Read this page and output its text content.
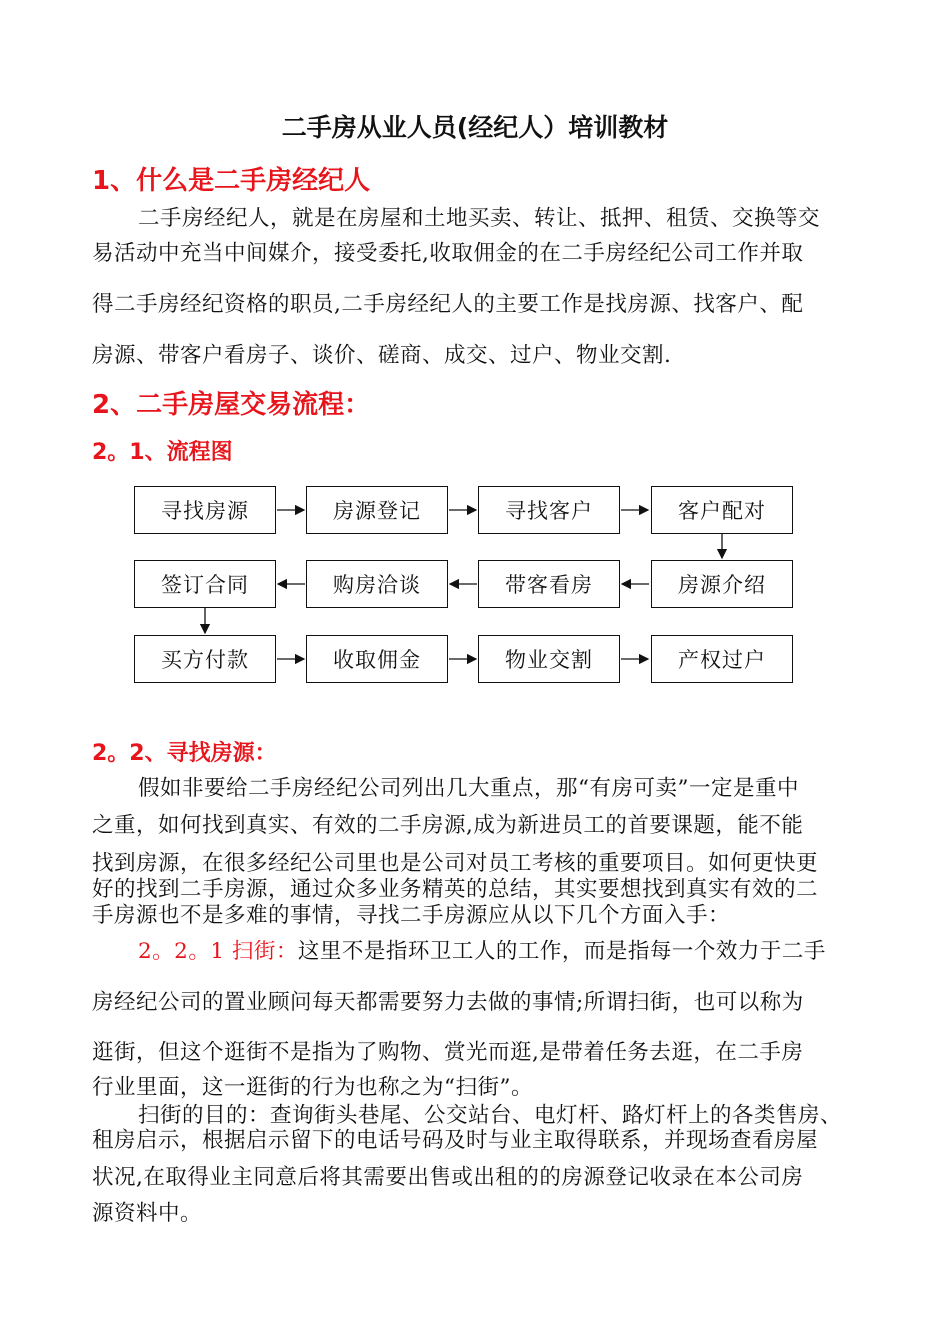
二手房从业人员(经纪人）培训教材
1、什么是二手房经纪人
二手房经纪人，就是在房屋和土地买卖、转让、抵押、租赁、交换等交
易活动中充当中间媒介，接受委托,收取佣金的在二手房经纪公司工作并取
得二手房经纪资格的职员,二手房经纪人的主要工作是找房源、找客户、配
房源、带客户看房子、谈价、磋商、成交、过户、物业交割.
2、二手房屋交易流程：
2。1、流程图
寻找房源	房源登记	寻找客户	客户配对
签订合同	购房洽谈	带客看房	房源介绍
买方付款	收取佣金	物业交割	产权过户
2。2、寻找房源：
假如非要给二手房经纪公司列出几大重点，那“有房可卖”一定是重中
之重，如何找到真实、有效的二手房源,成为新进员工的首要课题，能不能
找到房源，在很多经纪公司里也是公司对员工考核的重要项目。如何更快更
好的找到二手房源，通过众多业务精英的总结，其实要想找到真实有效的二
手房源也不是多难的事情，寻找二手房源应从以下几个方面入手：
2。2。1 扫街：这里不是指环卫工人的工作，而是指每一个效力于二手
房经纪公司的置业顾问每天都需要努力去做的事情;所谓扫街，也可以称为
逛街，但这个逛街不是指为了购物、赏光而逛,是带着任务去逛，在二手房
行业里面，这一逛街的行为也称之为“扫街”。
扫街的目的：查询街头巷尾、公交站台、电灯杆、路灯杆上的各类售房、
租房启示，根据启示留下的电话号码及时与业主取得联系，并现场查看房屋
状况,在取得业主同意后将其需要出售或出租的的房源登记收录在本公司房
源资料中。
